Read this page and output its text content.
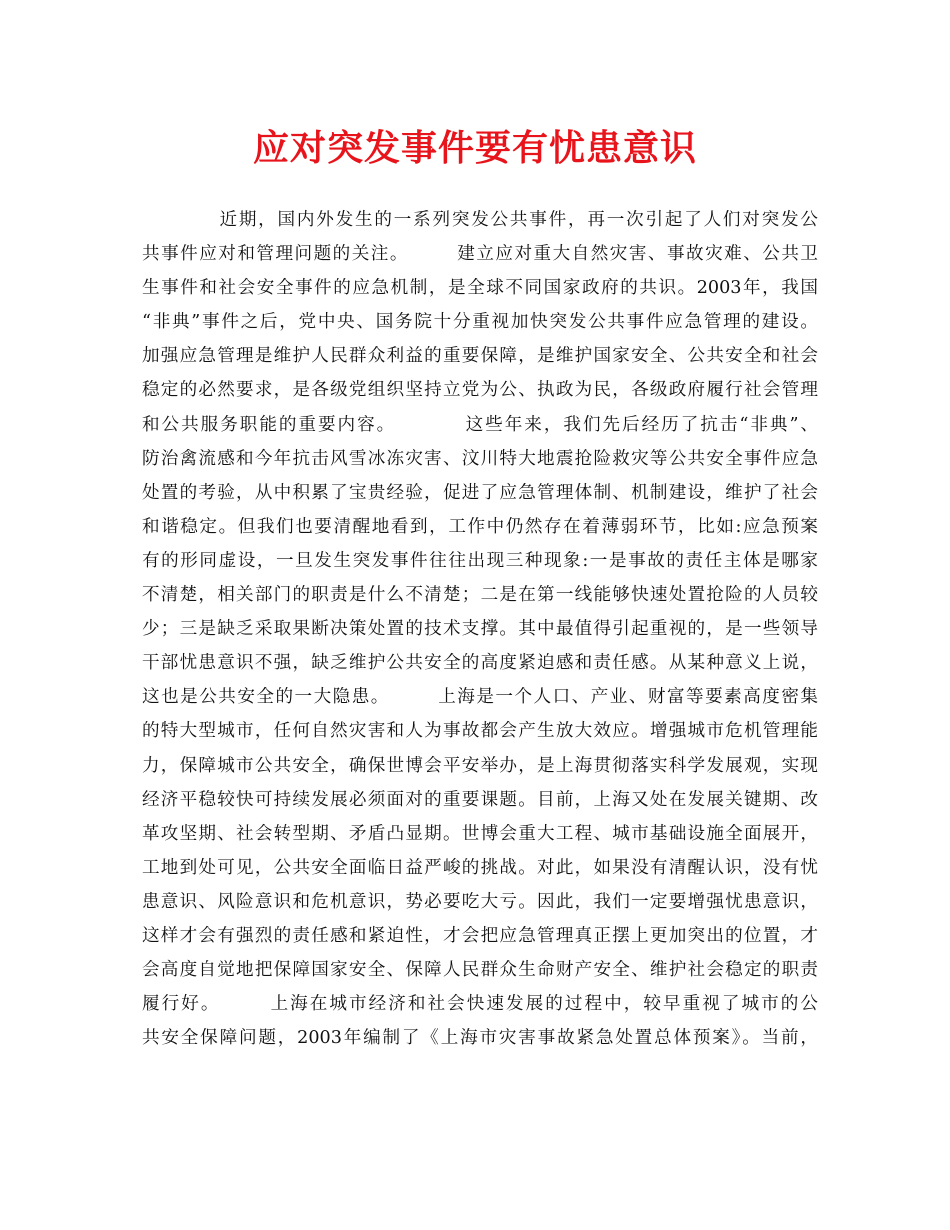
应对突发事件要有忧患意识
　　　　近期，国内外发生的一系列突发公共事件，再一次引起了人们对突发公
共事件应对和管理问题的关注。　　　建立应对重大自然灾害、事故灾难、公共卫
生事件和社会安全事件的应急机制，是全球不同国家政府的共识。2003年，我国
“非典”事件之后，党中央、国务院十分重视加快突发公共事件应急管理的建设。
加强应急管理是维护人民群众利益的重要保障，是维护国家安全、公共安全和社会
稳定的必然要求，是各级党组织坚持立党为公、执政为民，各级政府履行社会管理
和公共服务职能的重要内容。　　　　这些年来，我们先后经历了抗击“非典”、
防治禽流感和今年抗击风雪冰冻灾害、汶川特大地震抢险救灾等公共安全事件应急
处置的考验，从中积累了宝贵经验，促进了应急管理体制、机制建设，维护了社会
和谐稳定。但我们也要清醒地看到，工作中仍然存在着薄弱环节，比如:应急预案
有的形同虚设，一旦发生突发事件往往出现三种现象:一是事故的责任主体是哪家
不清楚，相关部门的职责是什么不清楚；二是在第一线能够快速处置抢险的人员较
少；三是缺乏采取果断决策处置的技术支撑。其中最值得引起重视的，是一些领导
干部忧患意识不强，缺乏维护公共安全的高度紧迫感和责任感。从某种意义上说，
这也是公共安全的一大隐患。　　　上海是一个人口、产业、财富等要素高度密集
的特大型城市，任何自然灾害和人为事故都会产生放大效应。增强城市危机管理能
力，保障城市公共安全，确保世博会平安举办，是上海贯彻落实科学发展观，实现
经济平稳较快可持续发展必须面对的重要课题。目前，上海又处在发展关键期、改
革攻坚期、社会转型期、矛盾凸显期。世博会重大工程、城市基础设施全面展开，
工地到处可见，公共安全面临日益严峻的挑战。对此，如果没有清醒认识，没有忧
患意识、风险意识和危机意识，势必要吃大亏。因此，我们一定要增强忧患意识，
这样才会有强烈的责任感和紧迫性，才会把应急管理真正摆上更加突出的位置，才
会高度自觉地把保障国家安全、保障人民群众生命财产安全、维护社会稳定的职责
履行好。　　　上海在城市经济和社会快速发展的过程中，较早重视了城市的公
共安全保障问题，2003年编制了《上海市灾害事故紧急处置总体预案》。当前，
